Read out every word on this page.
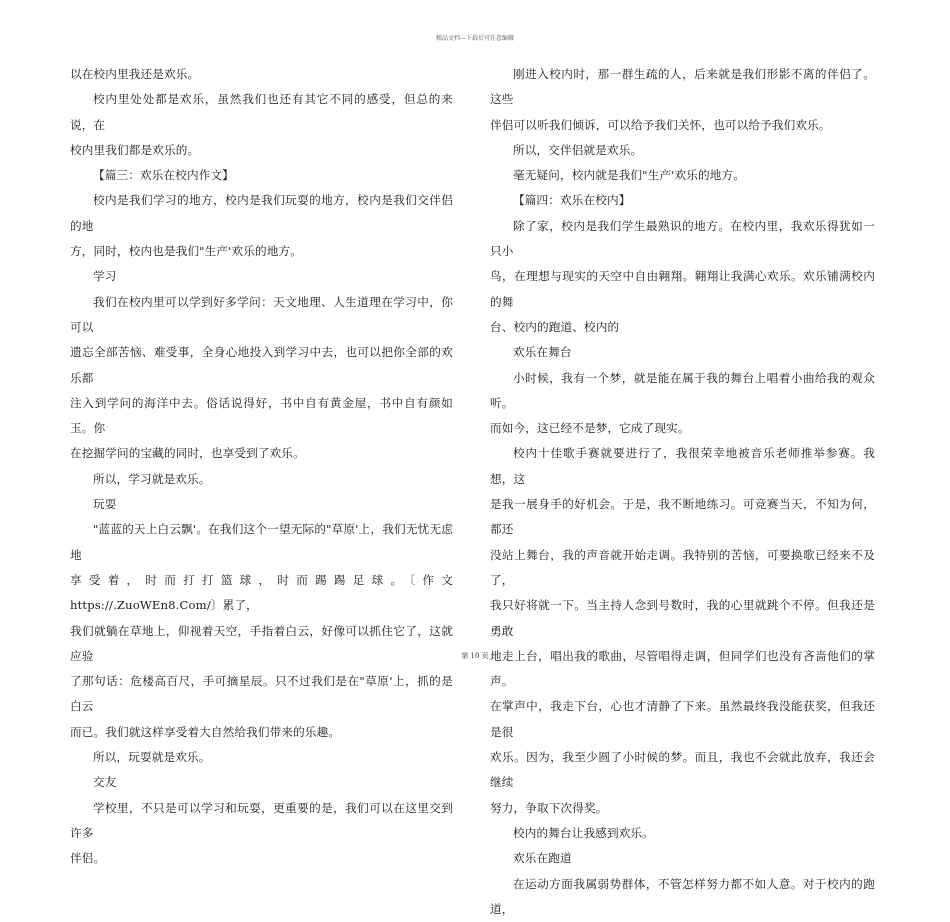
精品文档---下载后可任意编辑

以在校内里我还是欢乐。

校内里处处都是欢乐，虽然我们也还有其它不同的感受，但总的来说，在

校内里我们都是欢乐的。

【篇三：欢乐在校内作文】

校内是我们学习的地方，校内是我们玩耍的地方，校内是我们交伴侣的地

方，同时，校内也是我们"生产'欢乐的地方。

学习

我们在校内里可以学到好多学问：天文地理、人生道理在学习中，你可以

遗忘全部苦恼、难受事，全身心地投入到学习中去，也可以把你全部的欢乐都

注入到学问的海洋中去。俗话说得好，书中自有黄金屋，书中自有颜如玉。你

在挖掘学问的宝藏的同时，也享受到了欢乐。

所以，学习就是欢乐。

玩耍

"蓝蓝的天上白云飘'。在我们这个一望无际的"草原'上，我们无忧无虑地

享受着，时而打打篮球，时而踢踢足球。〔作文https://.ZuoWEn8.Com/〕累了，

我们就躺在草地上，仰视着天空，手指着白云，好像可以抓住它了，这就应验

了那句话：危楼高百尺，手可摘星辰。只不过我们是在"草原'上，抓的是白云

而已。我们就这样享受着大自然给我们带来的乐趣。

所以，玩耍就是欢乐。

交友

学校里，不只是可以学习和玩耍，更重要的是，我们可以在这里交到许多

伴侣。

刚进入校内时，那一群生疏的人，后来就是我们形影不离的伴侣了。这些

伴侣可以听我们倾诉，可以给予我们关怀，也可以给予我们欢乐。

所以，交伴侣就是欢乐。

毫无疑问，校内就是我们"生产'欢乐的地方。

【篇四：欢乐在校内】

除了家，校内是我们学生最熟识的地方。在校内里，我欢乐得犹如一只小

鸟，在理想与现实的天空中自由翱翔。翱翔让我满心欢乐。欢乐铺满校内的舞

台、校内的跑道、校内的

欢乐在舞台

小时候，我有一个梦，就是能在属于我的舞台上唱着小曲给我的观众听。

而如今，这已经不是梦，它成了现实。

校内十佳歌手赛就要进行了，我很荣幸地被音乐老师推举参赛。我想，这

是我一展身手的好机会。于是，我不断地练习。可竞赛当天，不知为何，都还

没站上舞台，我的声音就开始走调。我特别的苦恼，可要换歌已经来不及了，

我只好将就一下。当主持人念到号数时，我的心里就跳个不停。但我还是勇敢

地走上台，唱出我的歌曲，尽管唱得走调，但同学们也没有吝啬他们的掌声。

在掌声中，我走下台，心也才清静了下来。虽然最终我没能获奖，但我还是很

欢乐。因为，我至少圆了小时候的梦。而且，我也不会就此放弃，我还会继续

努力，争取下次得奖。

校内的舞台让我感到欢乐。

欢乐在跑道

在运动方面我属弱势群体，不管怎样努力都不如人意。对于校内的跑道，

第 10 页
